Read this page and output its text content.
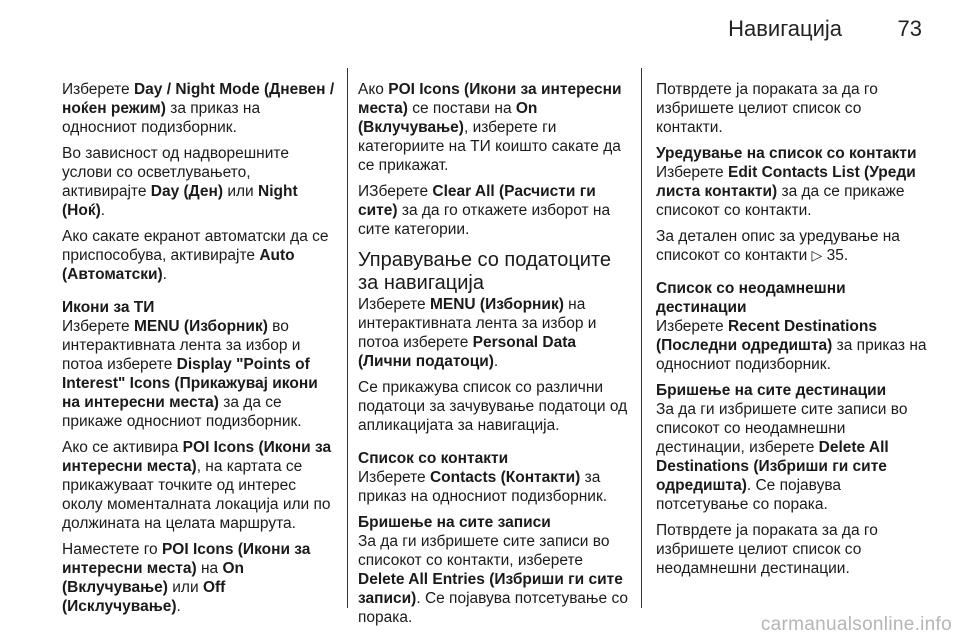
Навигација	73

Изберете Day / Night Mode (Дневен / ноќен режим) за приказ на односниот подизборник.

Во зависност од надворешните услови со осветлувањето, активирајте Day (Ден) или Night (Ноќ).

Ако сакате екранот автоматски да се приспособува, активирајте Auto (Автоматски).

Икони за ТИ

Изберете MENU (Изборник) во интерактивната лента за избор и потоа изберете Display "Points of Interest" Icons (Прикажувај икони на интересни места) за да се прикаже односниот подизборник.

Ако се активира POI Icons (Икони за интересни места), на картата се прикажуваат точките од интерес околу моменталната локација или по должината на целата маршрута.

Наместете го POI Icons (Икони за интересни места) на On (Вклучување) или Off (Исклучување).

Ако POI Icons (Икони за интересни места) се постави на On (Вклучување), изберете ги категориите на ТИ коишто сакате да се прикажат.

ИЗберете Clear All (Расчисти ги сите) за да го откажете изборот на сите категории.

Управување со податоците за навигација

Изберете MENU (Изборник) на интерактивната лента за избор и потоа изберете Personal Data (Лични податоци).

Се прикажува список со различни податоци за зачувување податоци од апликацијата за навигација.

Список со контакти

Изберете Contacts (Контакти) за приказ на односниот подизборник.

Бришење на сите записи

За да ги избришете сите записи во списокот со контакти, изберете Delete All Entries (Избриши ги сите записи). Се појавува потсетување со порака.

Потврдете ја пораката за да го избришете целиот список со контакти.

Уредување на список со контакти

Изберете Edit Contacts List (Уреди листа контакти) за да се прикаже списокот со контакти.

За детален опис за уредување на списокот со контакти ▷ 35.

Список со неодамнешни дестинации

Изберете Recent Destinations (Последни одредишта) за приказ на односниот подизборник.

Бришење на сите дестинации

За да ги избришете сите записи во списокот со неодамнешни дестинации, изберете Delete All Destinations (Избриши ги сите одредишта). Се појавува потсетување со порака.

Потврдете ја пораката за да го избришете целиот список со неодамнешни дестинации.

carmanualsonline.info
